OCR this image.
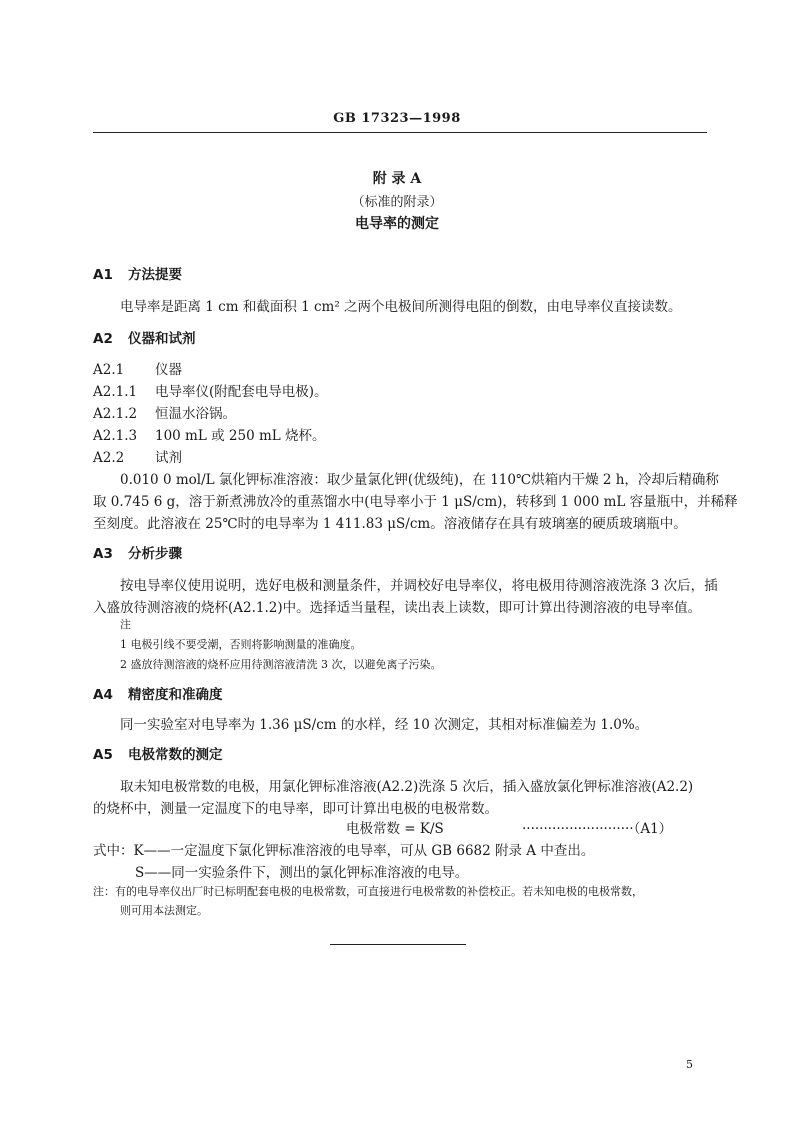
GB 17323—1998
附 录 A
（标准的附录）
电导率的测定
A1 方法提要
电导率是距离 1 cm 和截面积 1 cm² 之两个电极间所测得电阻的倒数，由电导率仪直接读数。
A2 仪器和试剂
A2.1 仪器
A2.1.1 电导率仪(附配套电导电极)。
A2.1.2 恒温水浴锅。
A2.1.3 100 mL 或 250 mL 烧杯。
A2.2 试剂
0.010 0 mol/L 氯化钾标准溶液：取少量氯化钾(优级纯)，在 110℃烘箱内干燥 2 h，冷却后精确称
取 0.745 6 g，溶于新煮沸放冷的重蒸馏水中(电导率小于 1 μS/cm)，转移到 1 000 mL 容量瓶中，并稀释
至刻度。此溶液在 25℃时的电导率为 1 411.83 μS/cm。溶液储存在具有玻璃塞的硬质玻璃瓶中。
A3 分析步骤
按电导率仪使用说明，选好电极和测量条件，并调校好电导率仪，将电极用待测溶液洗涤 3 次后，插
入盛放待测溶液的烧杯(A2.1.2)中。选择适当量程，读出表上读数，即可计算出待测溶液的电导率值。
注
1 电极引线不要受潮，否则将影响测量的准确度。
2 盛放待测溶液的烧杯应用待测溶液清洗 3 次，以避免离子污染。
A4 精密度和准确度
同一实验室对电导率为 1.36 μS/cm 的水样，经 10 次测定，其相对标准偏差为 1.0%。
A5 电极常数的测定
取未知电极常数的电极，用氯化钾标准溶液(A2.2)洗涤 5 次后，插入盛放氯化钾标准溶液(A2.2)
的烧杯中，测量一定温度下的电导率，即可计算出电极的电极常数。
电极常数 = K/S	··························（A1）
式中：K——一定温度下氯化钾标准溶液的电导率，可从 GB 6682 附录 A 中查出。
S——同一实验条件下，测出的氯化钾标准溶液的电导。
注：有的电导率仪出厂时已标明配套电极的电极常数，可直接进行电极常数的补偿校正。若未知电极的电极常数，
则可用本法测定。
5
